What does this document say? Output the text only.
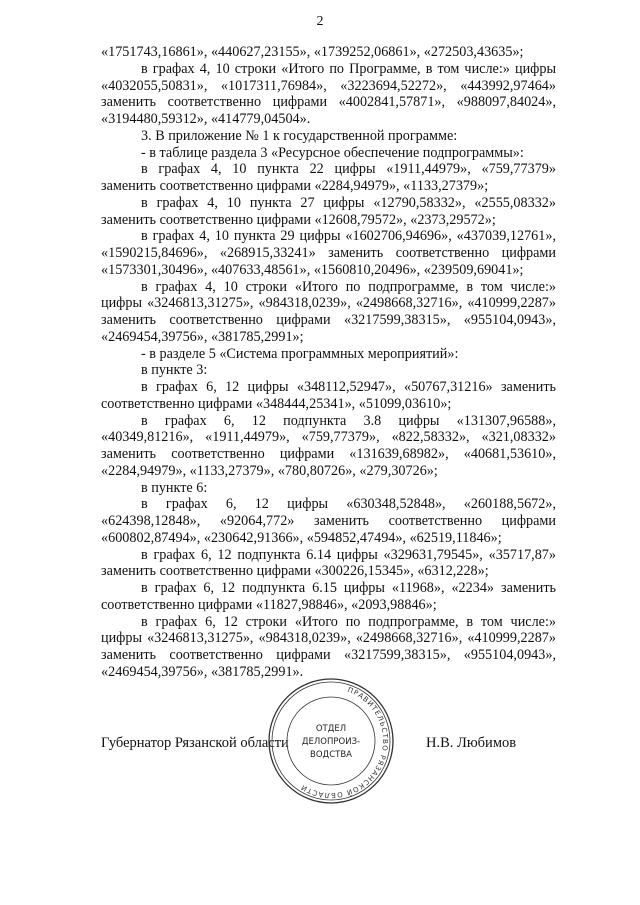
2

«1751743,16861», «440627,23155», «1739252,06861», «272503,43635»;

в графах 4, 10 строки «Итого по Программе, в том числе:» цифры «4032055,50831», «1017311,76984», «3223694,52272», «443992,97464» заменить соответственно цифрами «4002841,57871», «988097,84024», «3194480,59312», «414779,04504».

3. В приложение № 1 к государственной программе:

- в таблице раздела 3 «Ресурсное обеспечение подпрограммы»:

в графах 4, 10 пункта 22 цифры «1911,44979», «759,77379» заменить соответственно цифрами «2284,94979», «1133,27379»;

в графах 4, 10 пункта 27 цифры «12790,58332», «2555,08332» заменить соответственно цифрами «12608,79572», «2373,29572»;

в графах 4, 10 пункта 29 цифры «1602706,94696», «437039,12761», «1590215,84696», «268915,33241» заменить соответственно цифрами «1573301,30496», «407633,48561», «1560810,20496», «239509,69041»;

в графах 4, 10 строки «Итого по подпрограмме, в том числе:» цифры «3246813,31275», «984318,0239», «2498668,32716», «410999,2287» заменить соответственно цифрами «3217599,38315», «955104,0943», «2469454,39756», «381785,2991»;

- в разделе 5 «Система программных мероприятий»:

в пункте 3:

в графах 6, 12 цифры «348112,52947», «50767,31216» заменить соответственно цифрами «348444,25341», «51099,03610»;

в графах 6, 12 подпункта 3.8 цифры «131307,96588», «40349,81216», «1911,44979», «759,77379», «822,58332», «321,08332» заменить соответственно цифрами «131639,68982», «40681,53610», «2284,94979», «1133,27379», «780,80726», «279,30726»;

в пункте 6:

в графах 6, 12 цифры «630348,52848», «260188,5672», «624398,12848», «92064,772» заменить соответственно цифрами «600802,87494», «230642,91366», «594852,47494», «62519,11846»;

в графах 6, 12 подпункта 6.14 цифры «329631,79545», «35717,87» заменить соответственно цифрами «300226,15345», «6312,228»;

в графах 6, 12 подпункта 6.15 цифры «11968», «2234» заменить соответственно цифрами «11827,98846», «2093,98846»;

в графах 6, 12 строки «Итого по подпрограмме, в том числе:» цифры «3246813,31275», «984318,0239», «2498668,32716», «410999,2287» заменить соответственно цифрами «3217599,38315», «955104,0943», «2469454,39756», «381785,2991».

Губернатор Рязанской области	Н.В. Любимов
ПРАВИТЕЛЬСТВО РЯЗАНСКОЙ ОБЛАСТИ
ОТДЕЛ
ДЕЛОПРОИЗ-
ВОДСТВА
